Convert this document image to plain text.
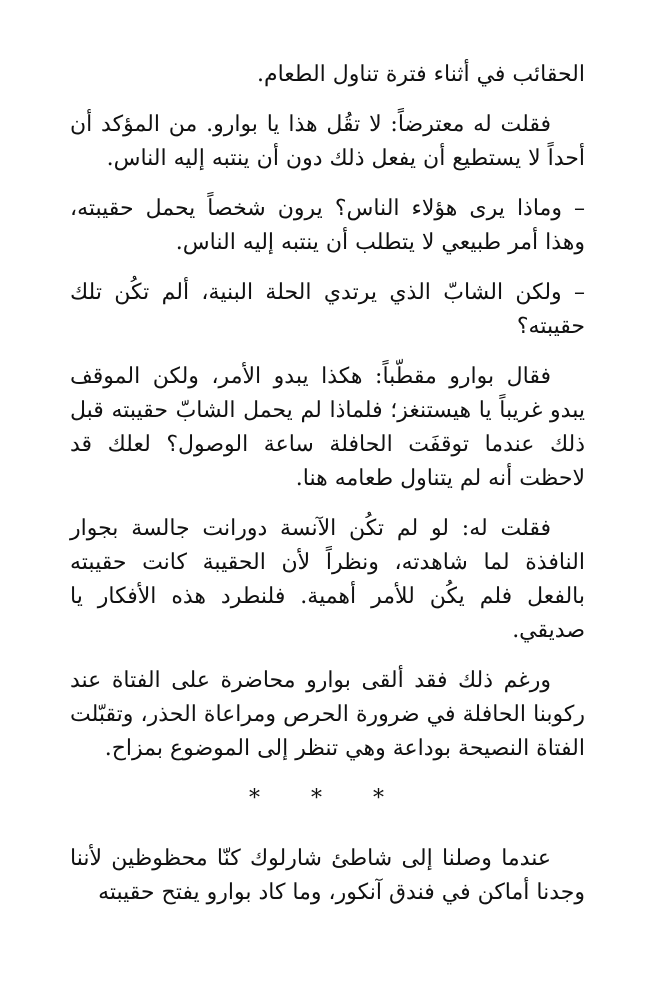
الحقائب في أثناء فترة تناول الطعام.

فقلت له معترضاً: لا تقُل هذا يا بوارو. من المؤكد أن أحداً لا يستطيع أن يفعل ذلك دون أن ينتبه إليه الناس.

– وماذا يرى هؤلاء الناس؟ يرون شخصاً يحمل حقيبته، وهذا أمر طبيعي لا يتطلب أن ينتبه إليه الناس.

– ولكن الشابّ الذي يرتدي الحلة البنية، ألم تكُن تلك حقيبته؟

فقال بوارو مقطّباً: هكذا يبدو الأمر، ولكن الموقف يبدو غريباً يا هيستنغز؛ فلماذا لم يحمل الشابّ حقيبته قبل ذلك عندما توقفَت الحافلة ساعة الوصول؟ لعلك قد لاحظت أنه لم يتناول طعامه هنا.

فقلت له: لو لم تكُن الآنسة دورانت جالسة بجوار النافذة لما شاهدته، ونظراً لأن الحقيبة كانت حقيبته بالفعل فلم يكُن للأمر أهمية. فلنطرد هذه الأفكار يا صديقي.

ورغم ذلك فقد ألقى بوارو محاضرة على الفتاة عند ركوبنا الحافلة في ضرورة الحرص ومراعاة الحذر، وتقبّلت الفتاة النصيحة بوداعة وهي تنظر إلى الموضوع بمزاح.

* * *

عندما وصلنا إلى شاطئ شارلوك كنّا محظوظين لأننا وجدنا أماكن في فندق آنكور، وما كاد بوارو يفتح حقيبته
